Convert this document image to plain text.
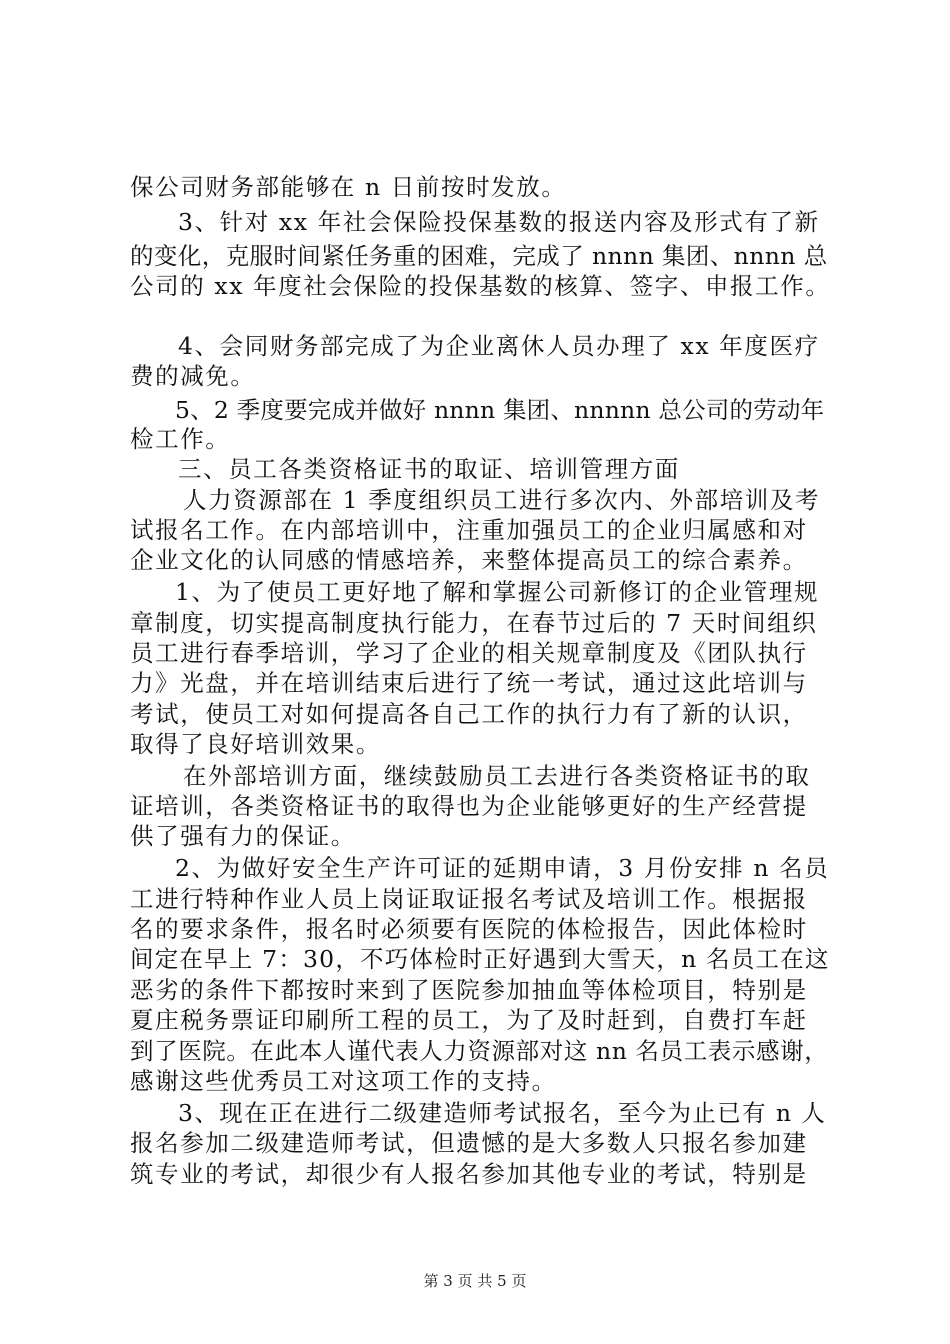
保公司财务部能够在 n 日前按时发放。
3、针对 xx 年社会保险投保基数的报送内容及形式有了新
的变化，克服时间紧任务重的困难，完成了 nnnn 集团、nnnn 总
公司的 xx 年度社会保险的投保基数的核算、签字、申报工作。
4、会同财务部完成了为企业离休人员办理了 xx 年度医疗
费的减免。
5、2 季度要完成并做好 nnnn 集团、nnnnn 总公司的劳动年
检工作。
三、员工各类资格证书的取证、培训管理方面
人力资源部在 1 季度组织员工进行多次内、外部培训及考
试报名工作。在内部培训中，注重加强员工的企业归属感和对
企业文化的认同感的情感培养，来整体提高员工的综合素养。
1、为了使员工更好地了解和掌握公司新修订的企业管理规
章制度，切实提高制度执行能力，在春节过后的 7 天时间组织
员工进行春季培训，学习了企业的相关规章制度及《团队执行
力》光盘，并在培训结束后进行了统一考试，通过这此培训与
考试，使员工对如何提高各自己工作的执行力有了新的认识，
取得了良好培训效果。
在外部培训方面，继续鼓励员工去进行各类资格证书的取
证培训，各类资格证书的取得也为企业能够更好的生产经营提
供了强有力的保证。
2、为做好安全生产许可证的延期申请，3 月份安排 n 名员
工进行特种作业人员上岗证取证报名考试及培训工作。根据报
名的要求条件，报名时必须要有医院的体检报告，因此体检时
间定在早上 7：30，不巧体检时正好遇到大雪天，n 名员工在这
恶劣的条件下都按时来到了医院参加抽血等体检项目，特别是
夏庄税务票证印刷所工程的员工，为了及时赶到，自费打车赶
到了医院。在此本人谨代表人力资源部对这 nn 名员工表示感谢，
感谢这些优秀员工对这项工作的支持。
3、现在正在进行二级建造师考试报名，至今为止已有 n 人
报名参加二级建造师考试，但遗憾的是大多数人只报名参加建
筑专业的考试，却很少有人报名参加其他专业的考试，特别是
第 3 页 共 5 页
